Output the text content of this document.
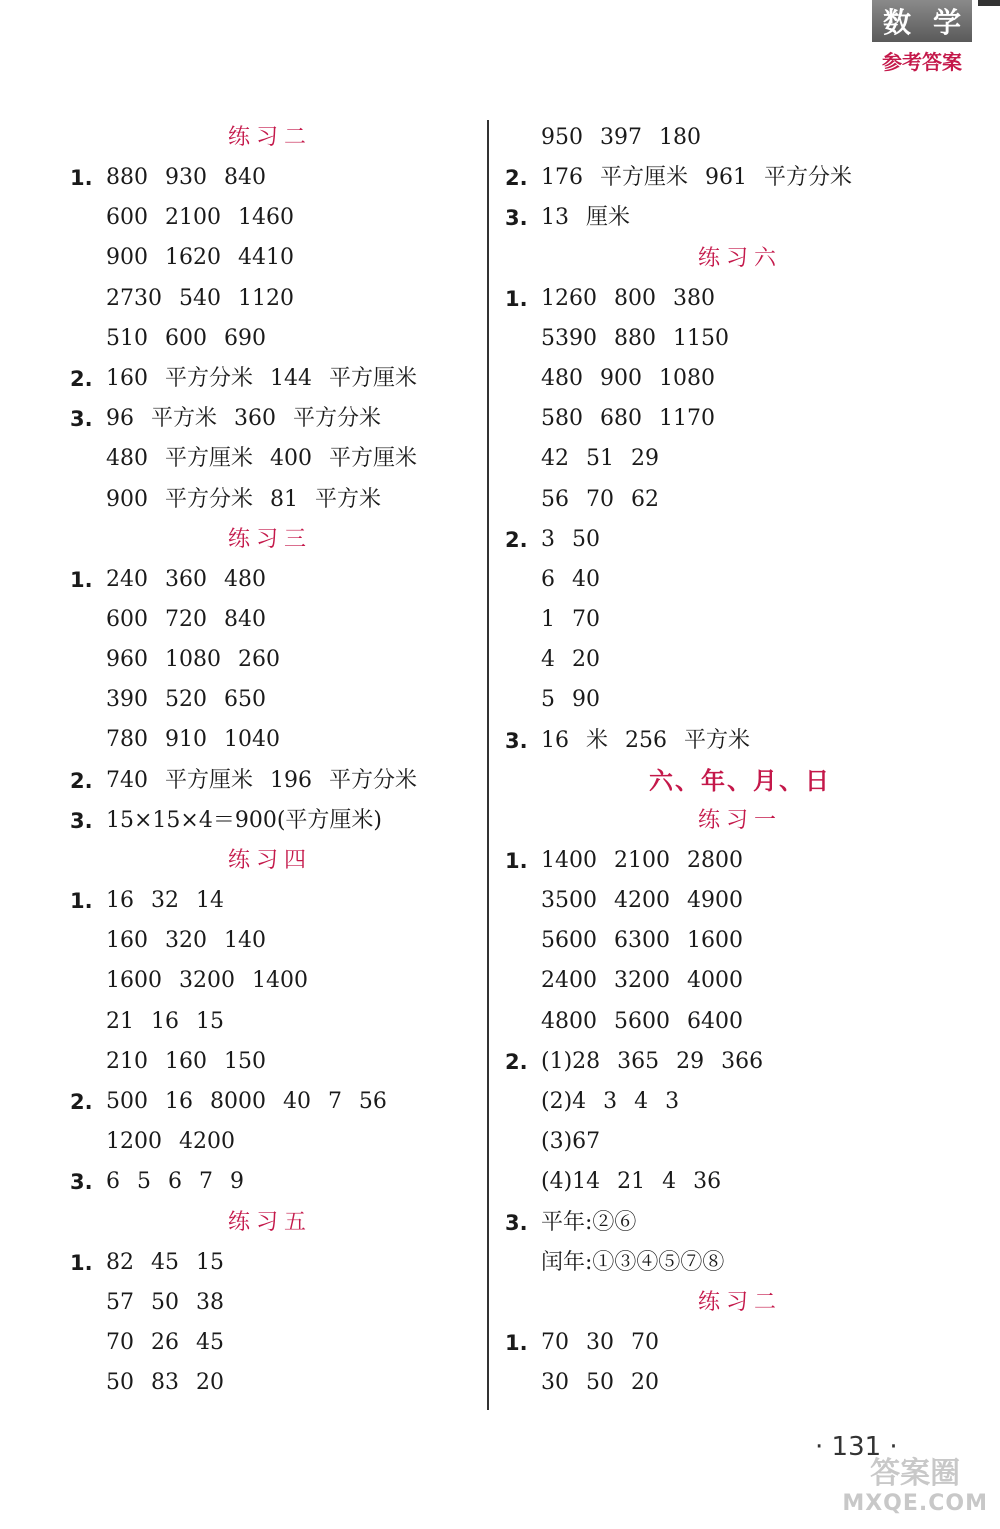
数 学
参考答案
练习二
1. 880 930 840
600 2100 1460
900 1620 4410
2730 540 1120
510 600 690
2. 160 平方分米 144 平方厘米
3. 96 平方米 360 平方分米
480 平方厘米 400 平方厘米
900 平方分米 81 平方米
练习三
1. 240 360 480
600 720 840
960 1080 260
390 520 650
780 910 1040
2. 740 平方厘米 196 平方分米
3. 15×15×4＝900(平方厘米)
练习四
1. 16 32 14
160 320 140
1600 3200 1400
21 16 15
210 160 150
2. 500 16 8000 40 7 56
1200 4200
3. 6 5 6 7 9
练习五
1. 82 45 15
57 50 38
70 26 45
50 83 20
950 397 180
2. 176 平方厘米 961 平方分米
3. 13 厘米
练习六
1. 1260 800 380
5390 880 1150
480 900 1080
580 680 1170
42 51 29
56 70 62
2. 3 50
6 40
1 70
4 20
5 90
3. 16 米 256 平方米
六、年、月、日
练习一
1. 1400 2100 2800
3500 4200 4900
5600 6300 1600
2400 3200 4000
4800 5600 6400
2. (1)28 365 29 366
(2)4 3 4 3
(3)67
(4)14 21 4 36
3. 平年:②⑥
闰年:①③④⑤⑦⑧
练习二
1. 70 30 70
30 50 20
· 131 ·
答案圈
MXQE.COM
